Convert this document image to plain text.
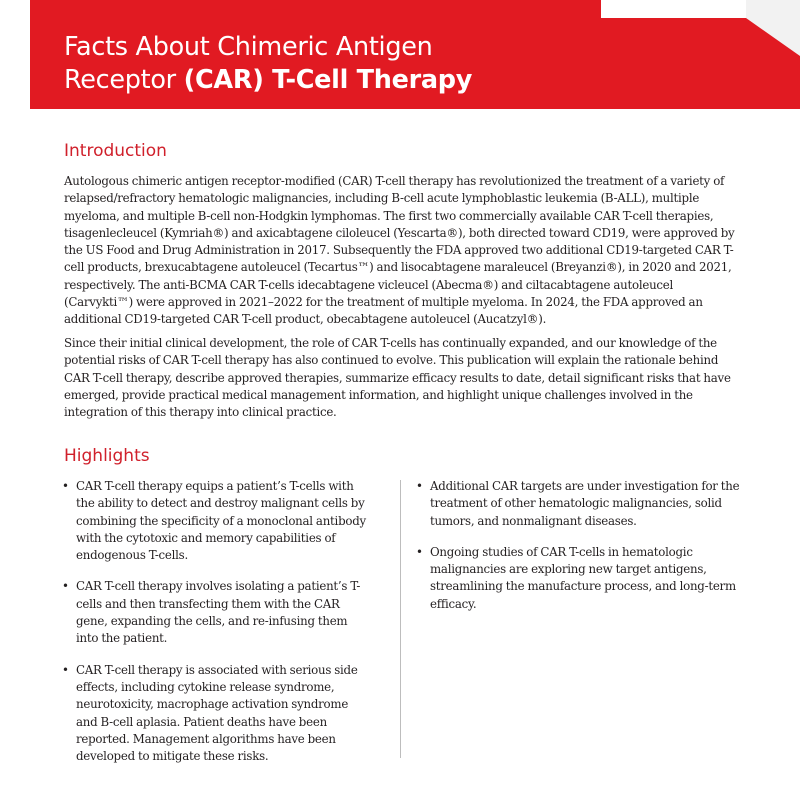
Facts About Chimeric Antigen
Receptor (CAR) T-Cell Therapy
Introduction

Autologous chimeric antigen receptor-modified (CAR) T-cell therapy has revolutionized the treatment of a variety of relapsed/refractory hematologic malignancies, including B-cell acute lymphoblastic leukemia (B-ALL), multiple myeloma, and multiple B-cell non-Hodgkin lymphomas. The first two commercially available CAR T-cell therapies, tisagenlecleucel (Kymriah®) and axicabtagene ciloleucel (Yescarta®), both directed toward CD19, were approved by the US Food and Drug Administration in 2017. Subsequently the FDA approved two additional CD19-targeted CAR T-cell products, brexucabtagene autoleucel (Tecartus™) and lisocabtagene maraleucel (Breyanzi®), in 2020 and 2021, respectively. The anti-BCMA CAR T-cells idecabtagene vicleucel (Abecma®) and ciltacabtagene autoleucel (Carvykti™) were approved in 2021–2022 for the treatment of multiple myeloma. In 2024, the FDA approved an additional CD19-targeted CAR T-cell product, obecabtagene autoleucel (Aucatzyl®).

Since their initial clinical development, the role of CAR T-cells has continually expanded, and our knowledge of the potential risks of CAR T-cell therapy has also continued to evolve. This publication will explain the rationale behind CAR T-cell therapy, describe approved therapies, summarize efficacy results to date, detail significant risks that have emerged, provide practical medical management information, and highlight unique challenges involved in the integration of this therapy into clinical practice.

Highlights
• CAR T-cell therapy equips a patient’s T-cells with the ability to detect and destroy malignant cells by combining the specificity of a monoclonal antibody with the cytotoxic and memory capabilities of endogenous T-cells.
• CAR T-cell therapy involves isolating a patient’s T-cells and then transfecting them with the CAR gene, expanding the cells, and re-infusing them into the patient.
• CAR T-cell therapy is associated with serious side effects, including cytokine release syndrome, neurotoxicity, macrophage activation syndrome and B-cell aplasia. Patient deaths have been reported. Management algorithms have been developed to mitigate these risks.
• Additional CAR targets are under investigation for the treatment of other hematologic malignancies, solid tumors, and nonmalignant diseases.
• Ongoing studies of CAR T-cells in hematologic malignancies are exploring new target antigens, streamlining the manufacture process, and long-term efficacy.
